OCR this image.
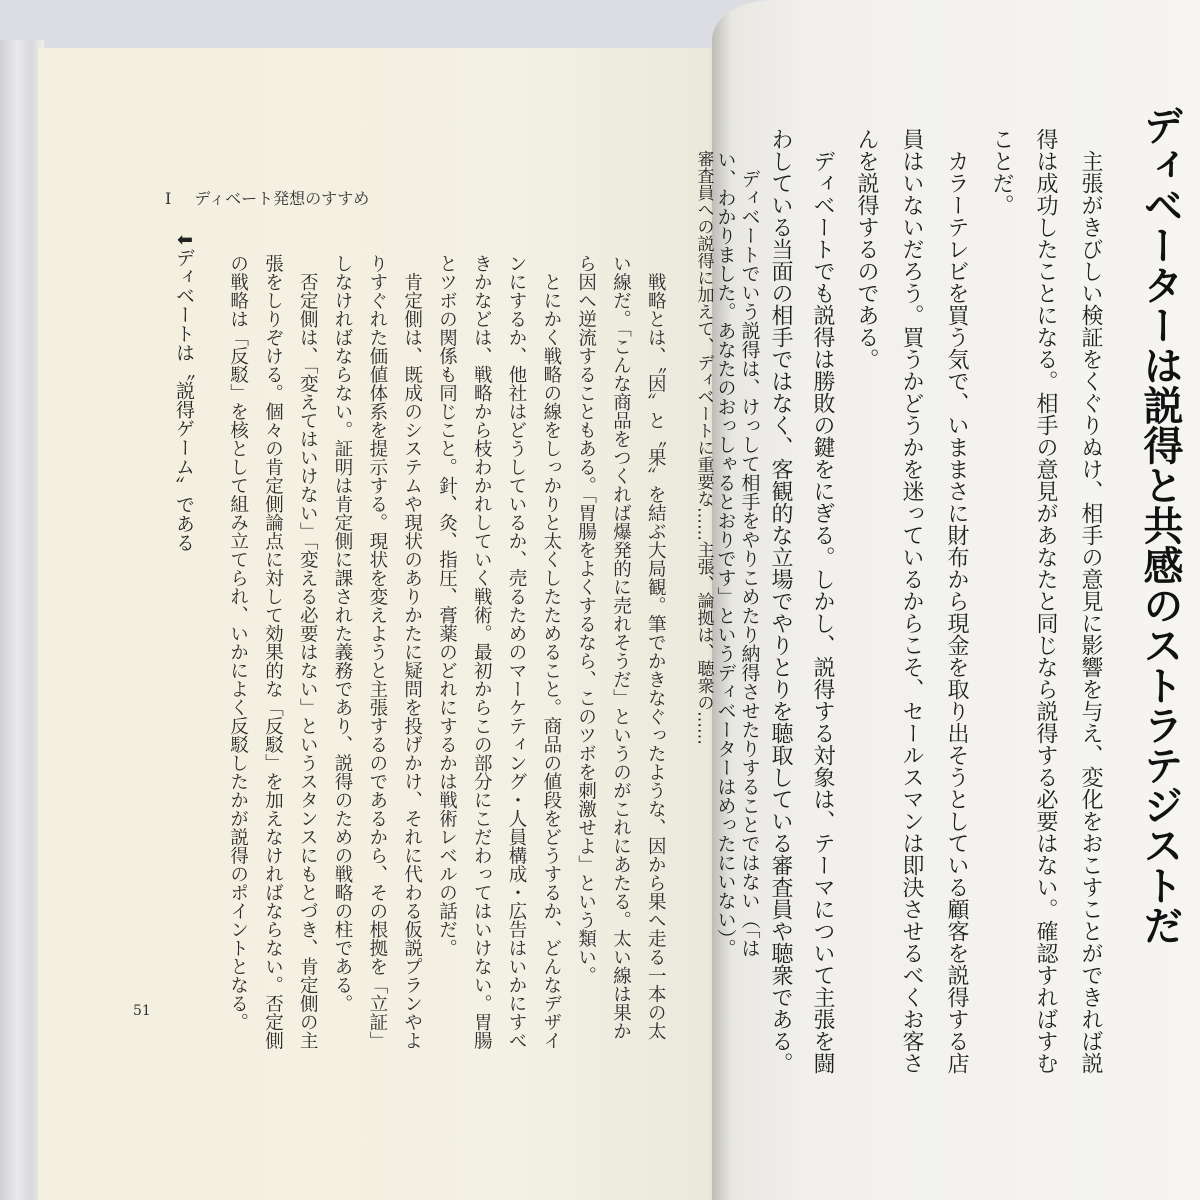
I ディベート発想のすすめ
　戦略とは、〝因〟と〝果〟を結ぶ大局観。筆でかきなぐったような、因から果へ走る一本の太
い線だ。「こんな商品をつくれば爆発的に売れそうだ」というのがこれにあたる。太い線は果か
ら因へ逆流することもある。「胃腸をよくするなら、このツボを刺激せよ」という類い。
　とにかく戦略の線をしっかりと太くしたためること。商品の値段をどうするか、どんなデザイ
ンにするか、他社はどうしているか、売るためのマーケティング・人員構成・広告はいかにすべ
きかなどは、戦略から枝わかれしていく戦術。最初からこの部分にこだわってはいけない。胃腸
とツボの関係も同じこと。針、灸、指圧、膏薬のどれにするかは戦術レベルの話だ。
　肯定側は、既成のシステムや現状のありかたに疑問を投げかけ、それに代わる仮説プランやよ
りすぐれた価値体系を提示する。現状を変えようと主張するのであるから、その根拠を「立証」
しなければならない。証明は肯定側に課された義務であり、説得のための戦略の柱である。
　否定側は、「変えてはいけない」「変える必要はない」というスタンスにもとづき、肯定側の主
張をしりぞける。個々の肯定側論点に対して効果的な「反駁」を加えなければならない。否定側
の戦略は「反駁」を核として組み立てられ、いかによく反駁したかが説得のポイントとなる。
⬇ディベートは〝説得ゲーム〟である
51
ディベーターは説得と共感のストラテジストだ
　主張がきびしい検証をくぐりぬけ、相手の意見に影響を与え、変化をおこすことができれば説
得は成功したことになる。相手の意見があなたと同じなら説得する必要はない。確認すればすむ
ことだ。
　カラーテレビを買う気で、いままさに財布から現金を取り出そうとしている顧客を説得する店
員はいないだろう。買うかどうかを迷っているからこそ、セールスマンは即決させるべくお客さ
んを説得するのである。
　ディベートでも説得は勝敗の鍵をにぎる。しかし、説得する対象は、テーマについて主張を闘
わしている当面の相手ではなく、客観的な立場でやりとりを聴取している審査員や聴衆である。
　ディベートでいう説得は、けっして相手をやりこめたり納得させたりすることではない（「は
い、わかりました。あなたのおっしゃるとおりです」というディベーターはめったにいない）。
審査員への説得に加えて、ディベートに重要な……主張、論拠は、聴衆の……
